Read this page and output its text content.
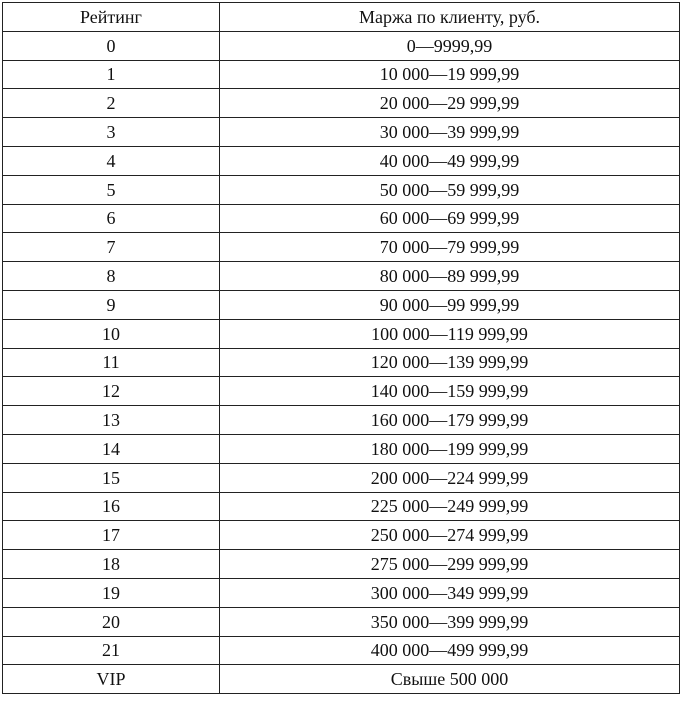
Рейтинг	Маржа по клиенту, руб.
0	0—9999,99
1	10 000—19 999,99
2	20 000—29 999,99
3	30 000—39 999,99
4	40 000—49 999,99
5	50 000—59 999,99
6	60 000—69 999,99
7	70 000—79 999,99
8	80 000—89 999,99
9	90 000—99 999,99
10	100 000—119 999,99
11	120 000—139 999,99
12	140 000—159 999,99
13	160 000—179 999,99
14	180 000—199 999,99
15	200 000—224 999,99
16	225 000—249 999,99
17	250 000—274 999,99
18	275 000—299 999,99
19	300 000—349 999,99
20	350 000—399 999,99
21	400 000—499 999,99
VIP	Свыше 500 000
